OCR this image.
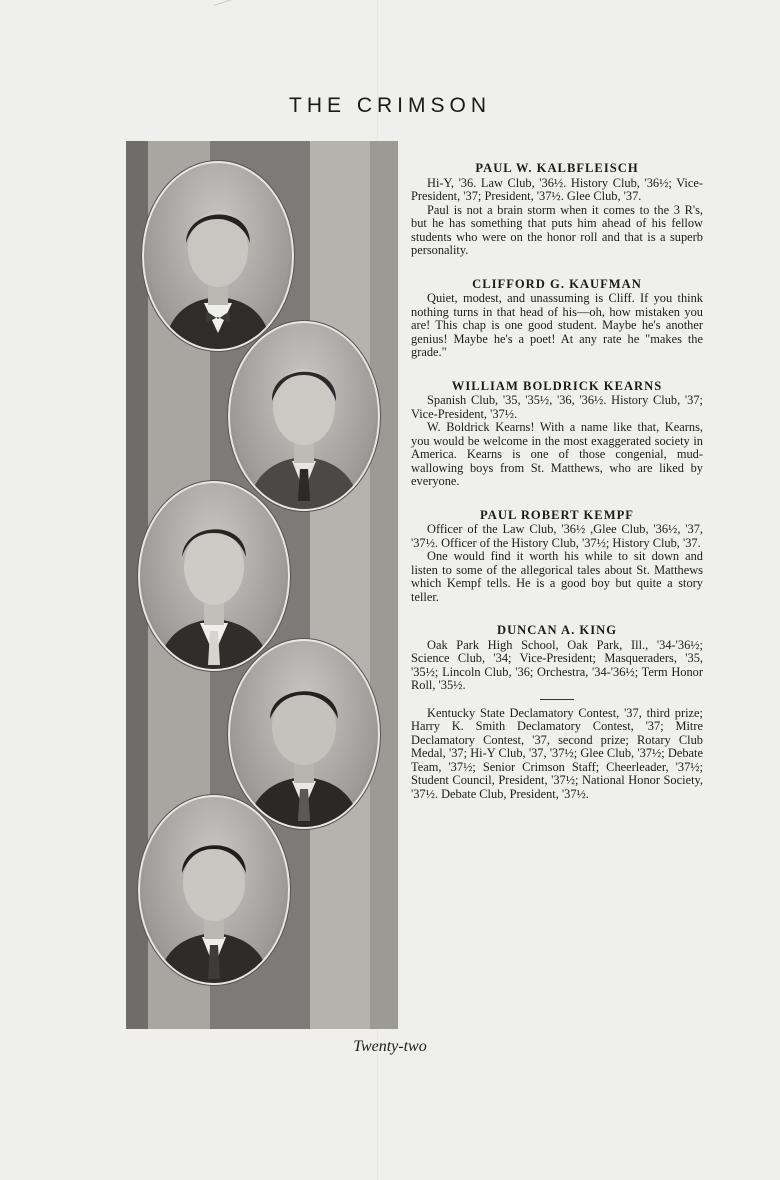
THE CRIMSON
PAUL W. KALBFLEISCH

Hi-Y, '36. Law Club, '36½. History Club, '36½; Vice-President, '37; President, '37½. Glee Club, '37.

Paul is not a brain storm when it comes to the 3 R's, but he has something that puts him ahead of his fellow students who were on the honor roll and that is a superb personality.

CLIFFORD G. KAUFMAN

Quiet, modest, and unassuming is Cliff. If you think nothing turns in that head of his—oh, how mistaken you are! This chap is one good student. Maybe he's another genius! Maybe he's a poet! At any rate he "makes the grade."

WILLIAM BOLDRICK KEARNS

Spanish Club, '35, '35½, '36, '36½. History Club, '37; Vice-President, '37½.

W. Boldrick Kearns! With a name like that, Kearns, you would be welcome in the most exaggerated society in America. Kearns is one of those congenial, mud-wallowing boys from St. Matthews, who are liked by everyone.

PAUL ROBERT KEMPF

Officer of the Law Club, '36½ ,Glee Club, '36½, '37, '37½. Officer of the History Club, '37½; History Club, '37.

One would find it worth his while to sit down and listen to some of the allegorical tales about St. Matthews which Kempf tells. He is a good boy but quite a story teller.

DUNCAN A. KING

Oak Park High School, Oak Park, Ill., '34-'36½; Science Club, '34; Vice-President; Masqueraders, '35, '35½; Lincoln Club, '36; Orchestra, '34-'36½; Term Honor Roll, '35½.

Kentucky State Declamatory Contest, '37, third prize; Harry K. Smith Declamatory Contest, '37; Mitre Declamatory Contest, '37, second prize; Rotary Club Medal, '37; Hi-Y Club, '37, '37½; Glee Club, '37½; Debate Team, '37½; Senior Crimson Staff; Cheerleader, '37½; Student Council, President, '37½; National Honor Society, '37½. Debate Club, President, '37½.

Twenty-two
